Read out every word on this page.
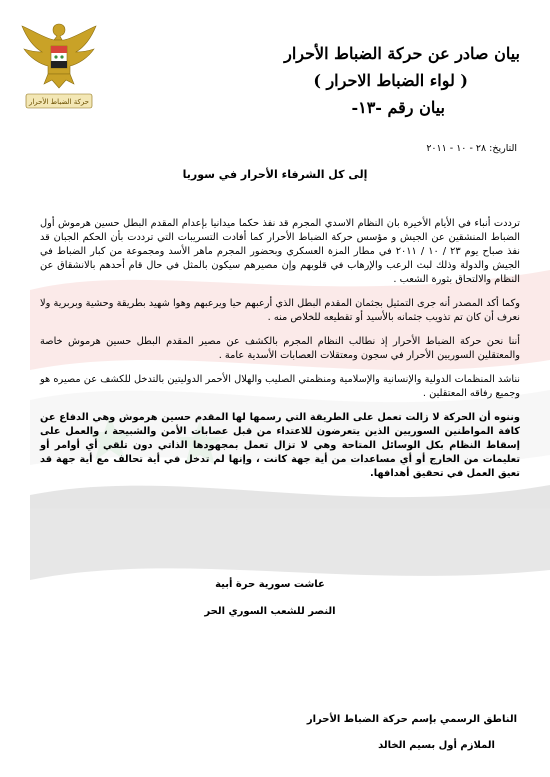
حركة الضباط الأحرار
بيان صادر عن حركة الضباط الأحرار
( لواء الضباط الاحرار )
بيان رقم -١٣-
التاريخ: ٢٨ - ١٠ - ٢٠١١
إلى كل الشرفاء الأحرار في سوريا

ترددت أنباء في الأيام الأخيرة بان النظام الاسدي المجرم قد نفذ حكما ميدانيا بإعدام المقدم البطل حسين هرموش أول الضباط المنشقين عن الجيش و مؤسس حركة الضباط الأحرار كما أفادت التسريبات التي ترددت بأن الحكم الجبان قد نفذ صباح يوم ٢٣ / ١٠ / ٢٠١١ في مطار المزة العسكري وبحضور المجرم ماهر الأسد ومجموعة من كبار الضباط في الجيش والدولة وذلك لبث الرعب والإرهاب في قلوبهم وإن مصيرهم سيكون بالمثل في حال قام أحدهم بالانشقاق عن النظام والالتحاق بثورة الشعب .

وكما أكد المصدر أنه جرى التمثيل بجثمان المقدم البطل الذي أرعبهم حيا ويرعبهم وهوا شهيد بطريقة وحشية وبربرية ولا نعرف أن كان تم تذويب جثمانه بالأسيد أو تقطيعه للخلاص منه .

أننا نحن حركة الضباط الأحرار إذ نطالب النظام المجرم بالكشف عن مصير المقدم البطل حسين هرموش خاصة والمعتقلين السوريين الأحرار في سجون ومعتقلات العصابات الأسدية عامة .

نناشد المنظمات الدولية والإنسانية والإسلامية ومنظمتي الصليب والهلال الأحمر الدوليتين بالتدخل للكشف عن مصيره هو وجميع رفاقه المعتقلين .

وننوه أن الحركة لا زالت تعمل على الطريقة التي رسمها لها المقدم حسين هرموش وهي الدفاع عن كافة المواطنين السوريين الذين يتعرضون للاعتداء من قبل عصابات الأمن والشبيحة ، والعمل على إسقاط النظام بكل الوسائل المتاحة وهي لا تزال تعمل بمجهودها الذاتي دون تلقي أي أوامر أو تعليمات من الخارج أو أي مساعدات من أية جهة كانت ، وإنها لم تدخل في أية تحالف مع أية جهة قد تعيق العمل في تحقيق أهدافها.

عاشت سورية حرة أبية
النصر للشعب السوري الحر
الناطق الرسمي بإسم حركة الضباط الأحرار
الملازم أول بسيم الخالد
